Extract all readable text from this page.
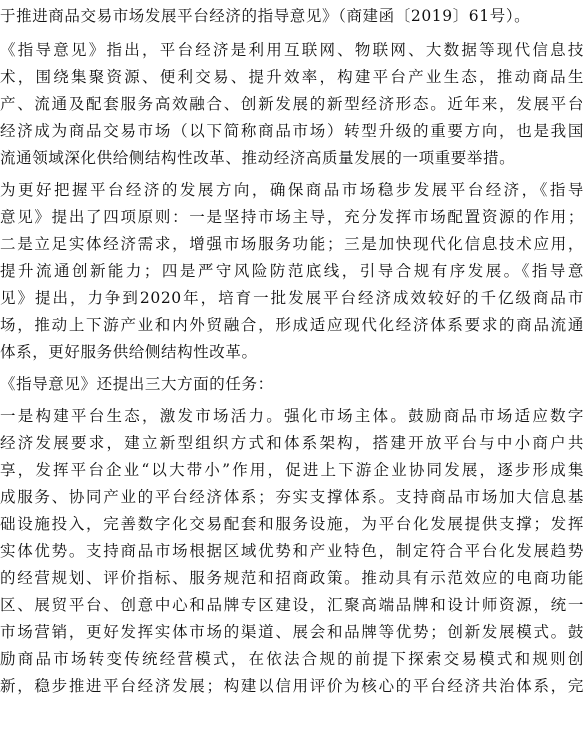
于推进商品交易市场发展平台经济的指导意见》（商建函〔2019〕61号）。
《指导意见》指出，平台经济是利用互联网、物联网、大数据等现代信息技
术，围绕集聚资源、便利交易、提升效率，构建平台产业生态，推动商品生
产、流通及配套服务高效融合、创新发展的新型经济形态。近年来，发展平台
经济成为商品交易市场（以下简称商品市场）转型升级的重要方向，也是我国
流通领域深化供给侧结构性改革、推动经济高质量发展的一项重要举措。
为更好把握平台经济的发展方向，确保商品市场稳步发展平台经济，《指导
意见》提出了四项原则：一是坚持市场主导，充分发挥市场配置资源的作用；
二是立足实体经济需求，增强市场服务功能；三是加快现代化信息技术应用，
提升流通创新能力；四是严守风险防范底线，引导合规有序发展。《指导意
见》提出，力争到2020年，培育一批发展平台经济成效较好的千亿级商品市
场，推动上下游产业和内外贸融合，形成适应现代化经济体系要求的商品流通
体系，更好服务供给侧结构性改革。
《指导意见》还提出三大方面的任务：
一是构建平台生态，激发市场活力。强化市场主体。鼓励商品市场适应数字
经济发展要求，建立新型组织方式和体系架构，搭建开放平台与中小商户共
享，发挥平台企业“以大带小”作用，促进上下游企业协同发展，逐步形成集
成服务、协同产业的平台经济体系；夯实支撑体系。支持商品市场加大信息基
础设施投入，完善数字化交易配套和服务设施，为平台化发展提供支撑；发挥
实体优势。支持商品市场根据区域优势和产业特色，制定符合平台化发展趋势
的经营规划、评价指标、服务规范和招商政策。推动具有示范效应的电商功能
区、展贸平台、创意中心和品牌专区建设，汇聚高端品牌和设计师资源，统一
市场营销，更好发挥实体市场的渠道、展会和品牌等优势；创新发展模式。鼓
励商品市场转变传统经营模式，在依法合规的前提下探索交易模式和规则创
新，稳步推进平台经济发展；构建以信用评价为核心的平台经济共治体系，完
